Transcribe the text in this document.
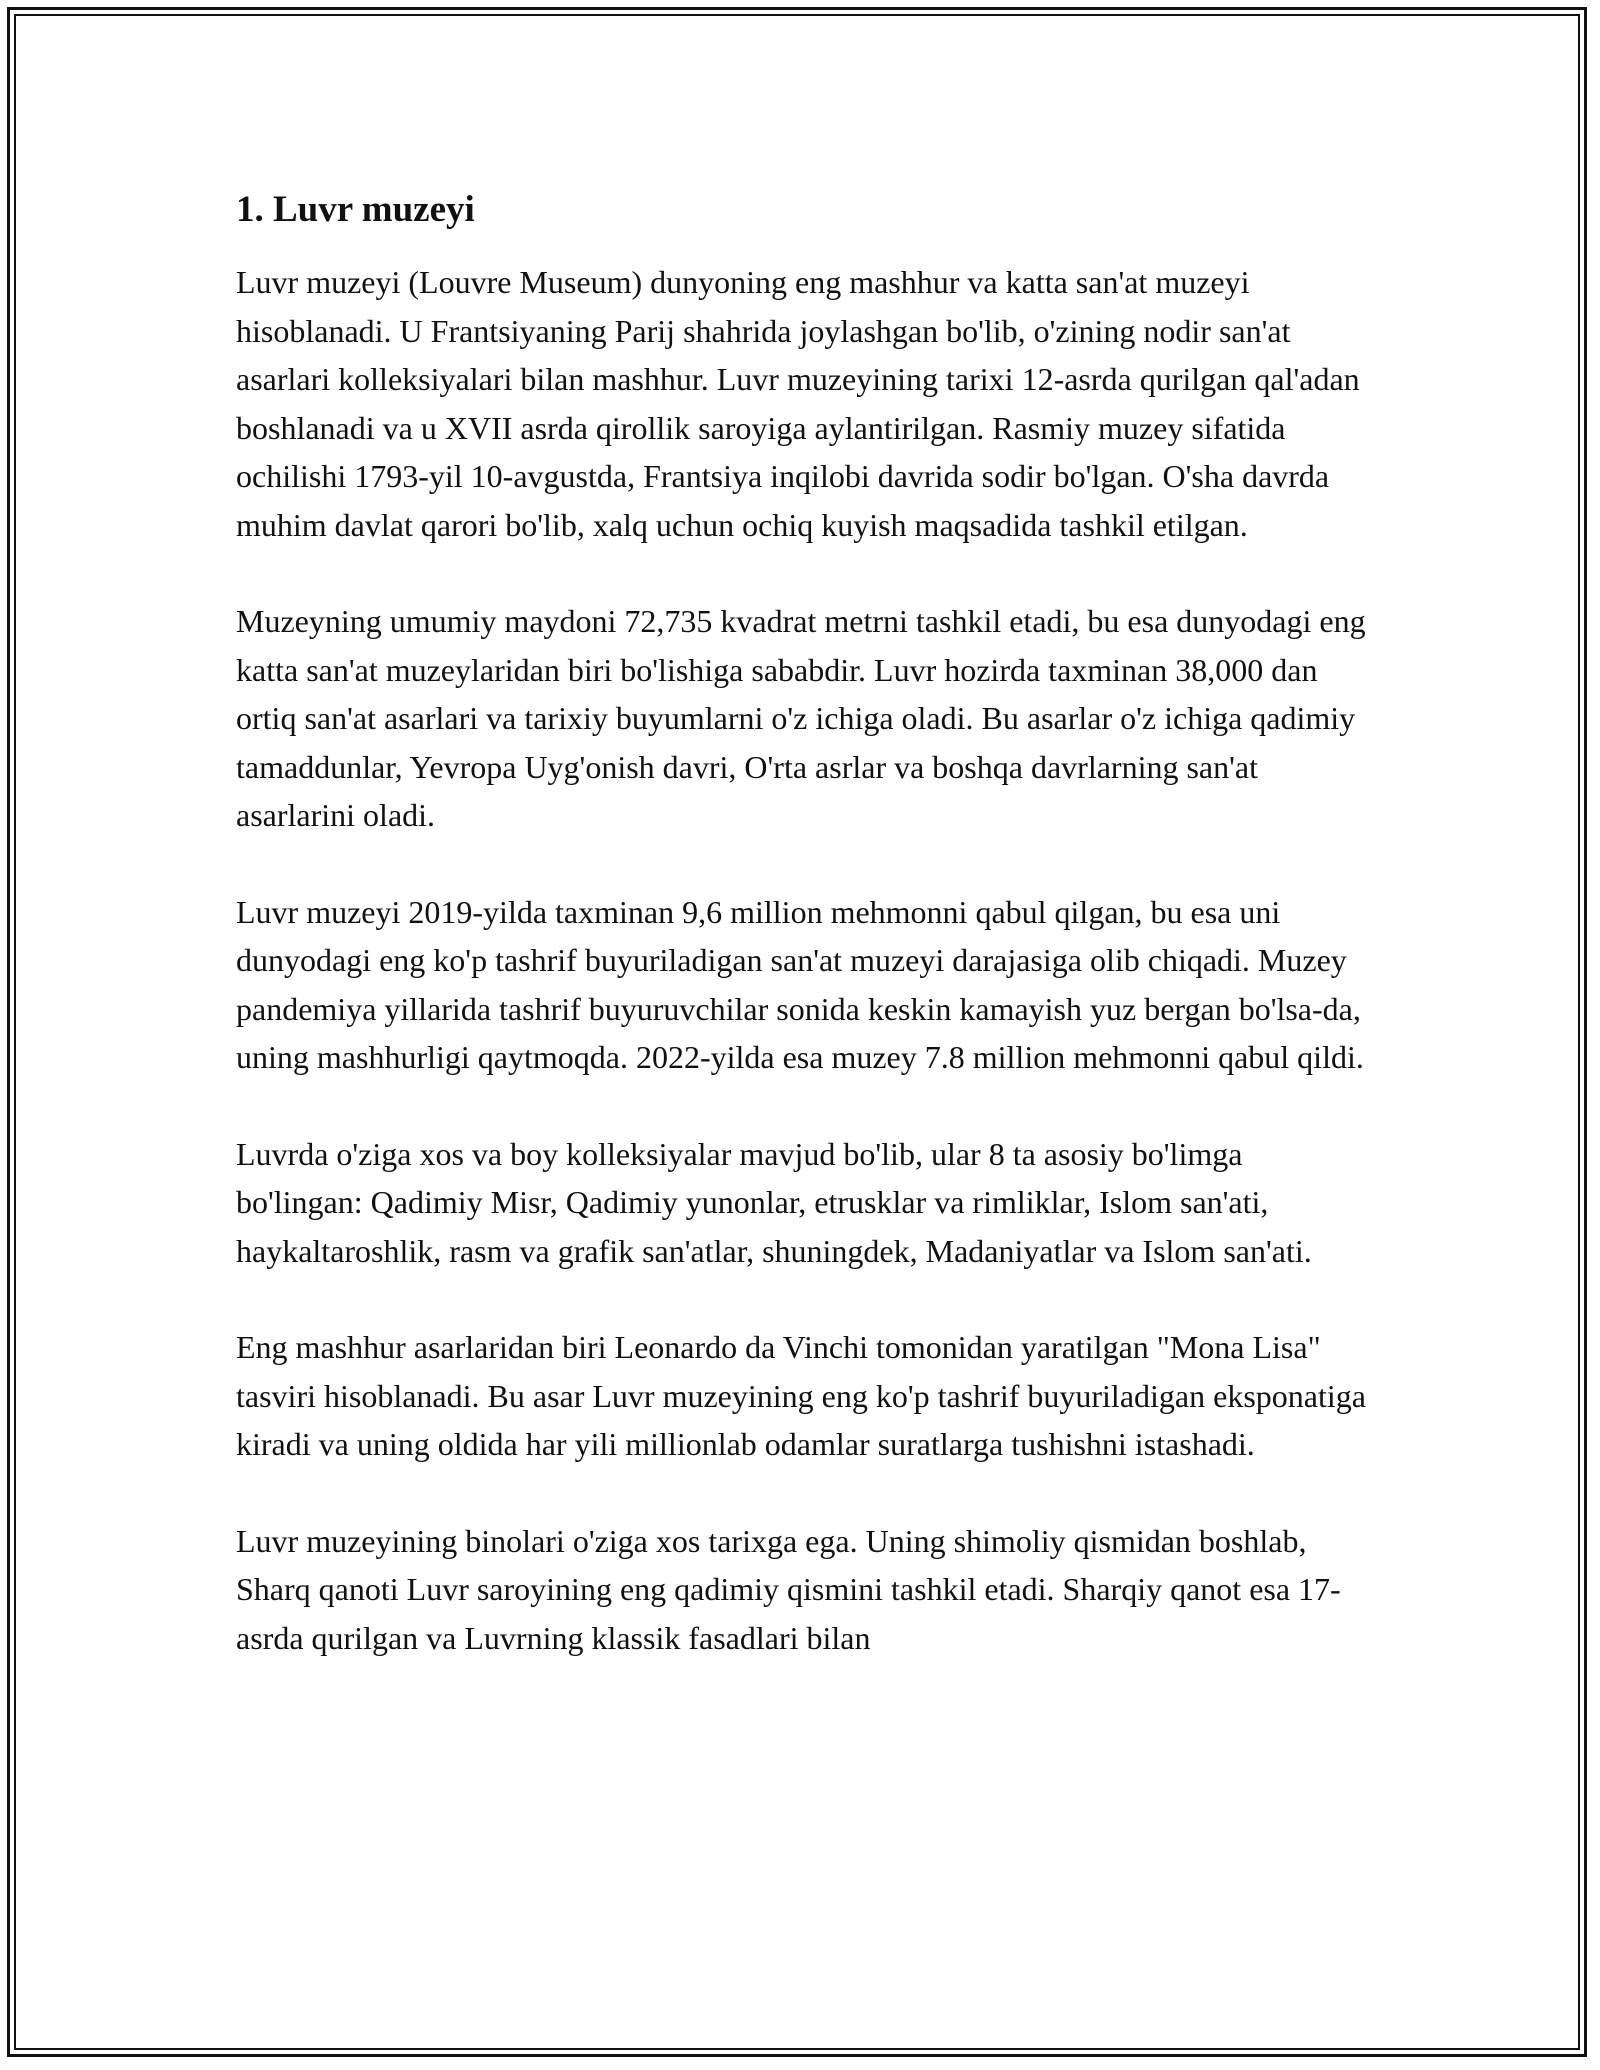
1. Luvr muzeyi

Luvr muzeyi (Louvre Museum) dunyoning eng mashhur va katta san'at muzeyi hisoblanadi. U Frantsiyaning Parij shahrida joylashgan bo'lib, o'zining nodir san'at asarlari kolleksiyalari bilan mashhur. Luvr muzeyining tarixi 12-asrda qurilgan qal'adan boshlanadi va u XVII asrda qirollik saroyiga aylantirilgan. Rasmiy muzey sifatida ochilishi 1793-yil 10-avgustda, Frantsiya inqilobi davrida sodir bo'lgan. O'sha davrda muhim davlat qarori bo'lib, xalq uchun ochiq kuyish maqsadida tashkil etilgan.

Muzeyning umumiy maydoni 72,735 kvadrat metrni tashkil etadi, bu esa dunyodagi eng katta san'at muzeylaridan biri bo'lishiga sababdir. Luvr hozirda taxminan 38,000 dan ortiq san'at asarlari va tarixiy buyumlarni o'z ichiga oladi. Bu asarlar o'z ichiga qadimiy tamaddunlar, Yevropa Uyg'onish davri, O'rta asrlar va boshqa davrlarning san'at asarlarini oladi.

Luvr muzeyi 2019-yilda taxminan 9,6 million mehmonni qabul qilgan, bu esa uni dunyodagi eng ko'p tashrif buyuriladigan san'at muzeyi darajasiga olib chiqadi. Muzey pandemiya yillarida tashrif buyuruvchilar sonida keskin kamayish yuz bergan bo'lsa-da, uning mashhurligi qaytmoqda. 2022-yilda esa muzey 7.8 million mehmonni qabul qildi.

Luvrda o'ziga xos va boy kolleksiyalar mavjud bo'lib, ular 8 ta asosiy bo'limga bo'lingan: Qadimiy Misr, Qadimiy yunonlar, etrusklar va rimliklar, Islom san'ati, haykaltaroshlik, rasm va grafik san'atlar, shuningdek, Madaniyatlar va Islom san'ati.

Eng mashhur asarlaridan biri Leonardo da Vinchi tomonidan yaratilgan "Mona Lisa" tasviri hisoblanadi. Bu asar Luvr muzeyining eng ko'p tashrif buyuriladigan eksponatiga kiradi va uning oldida har yili millionlab odamlar suratlarga tushishni istashadi.

Luvr muzeyining binolari o'ziga xos tarixga ega. Uning shimoliy qismidan boshlab, Sharq qanoti Luvr saroyining eng qadimiy qismini tashkil etadi. Sharqiy qanot esa 17-asrda qurilgan va Luvrning klassik fasadlari bilan
